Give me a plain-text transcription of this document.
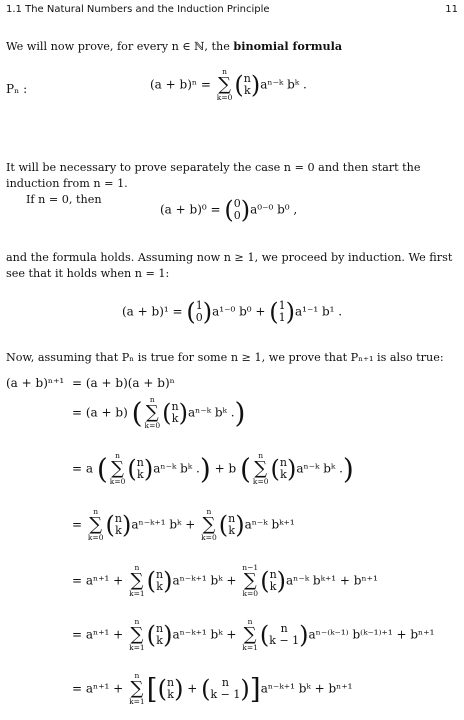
1.1 The Natural Numbers and the Induction Principle	11
We will now prove, for every n ∈ ℕ, the binomial formula
Pₙ :	(a + b)ⁿ =
n
∑
k=0 (n
k)aⁿ⁻ᵏ bᵏ .
It will be necessary to prove separately the case n = 0 and then start the induction from n = 1.
If n = 0, then
(a + b)⁰ = (0
0)a⁰⁻⁰ b⁰ ,
and the formula holds. Assuming now n ≥ 1, we proceed by induction. We first see that it holds when n = 1:
(a + b)¹ = (1
0)a¹⁻⁰ b⁰ + (1
1)a¹⁻¹ b¹ .
Now, assuming that Pₙ is true for some n ≥ 1, we prove that Pₙ₊₁ is also true:
(a + b)ⁿ⁺¹ = (a + b)(a + b)ⁿ
= (a + b) ( n
∑
k=0 (n
k)aⁿ⁻ᵏ bᵏ .)
= a ( n
∑
k=0 (n
k)aⁿ⁻ᵏ bᵏ .) + b ( n
∑
k=0 (n
k)aⁿ⁻ᵏ bᵏ .)
=
n
∑
k=0 (n
k)aⁿ⁻ᵏ⁺¹ bᵏ +
n
∑
k=0 (n
k)aⁿ⁻ᵏ bᵏ⁺¹
= aⁿ⁺¹ +
n
∑
k=1 (n
k)aⁿ⁻ᵏ⁺¹ bᵏ +
n−1
∑
k=0 (n
k)aⁿ⁻ᵏ bᵏ⁺¹ + bⁿ⁺¹
= aⁿ⁺¹ +
n
∑
k=1 (n
k)aⁿ⁻ᵏ⁺¹ bᵏ +
n
∑
k=1 ( n
k − 1)aⁿ⁻⁽ᵏ⁻¹⁾ b⁽ᵏ⁻¹⁾⁺¹ + bⁿ⁺¹
= aⁿ⁺¹ +
n
∑
k=1 [(n
k) + ( n
k − 1)]aⁿ⁻ᵏ⁺¹ bᵏ + bⁿ⁺¹
